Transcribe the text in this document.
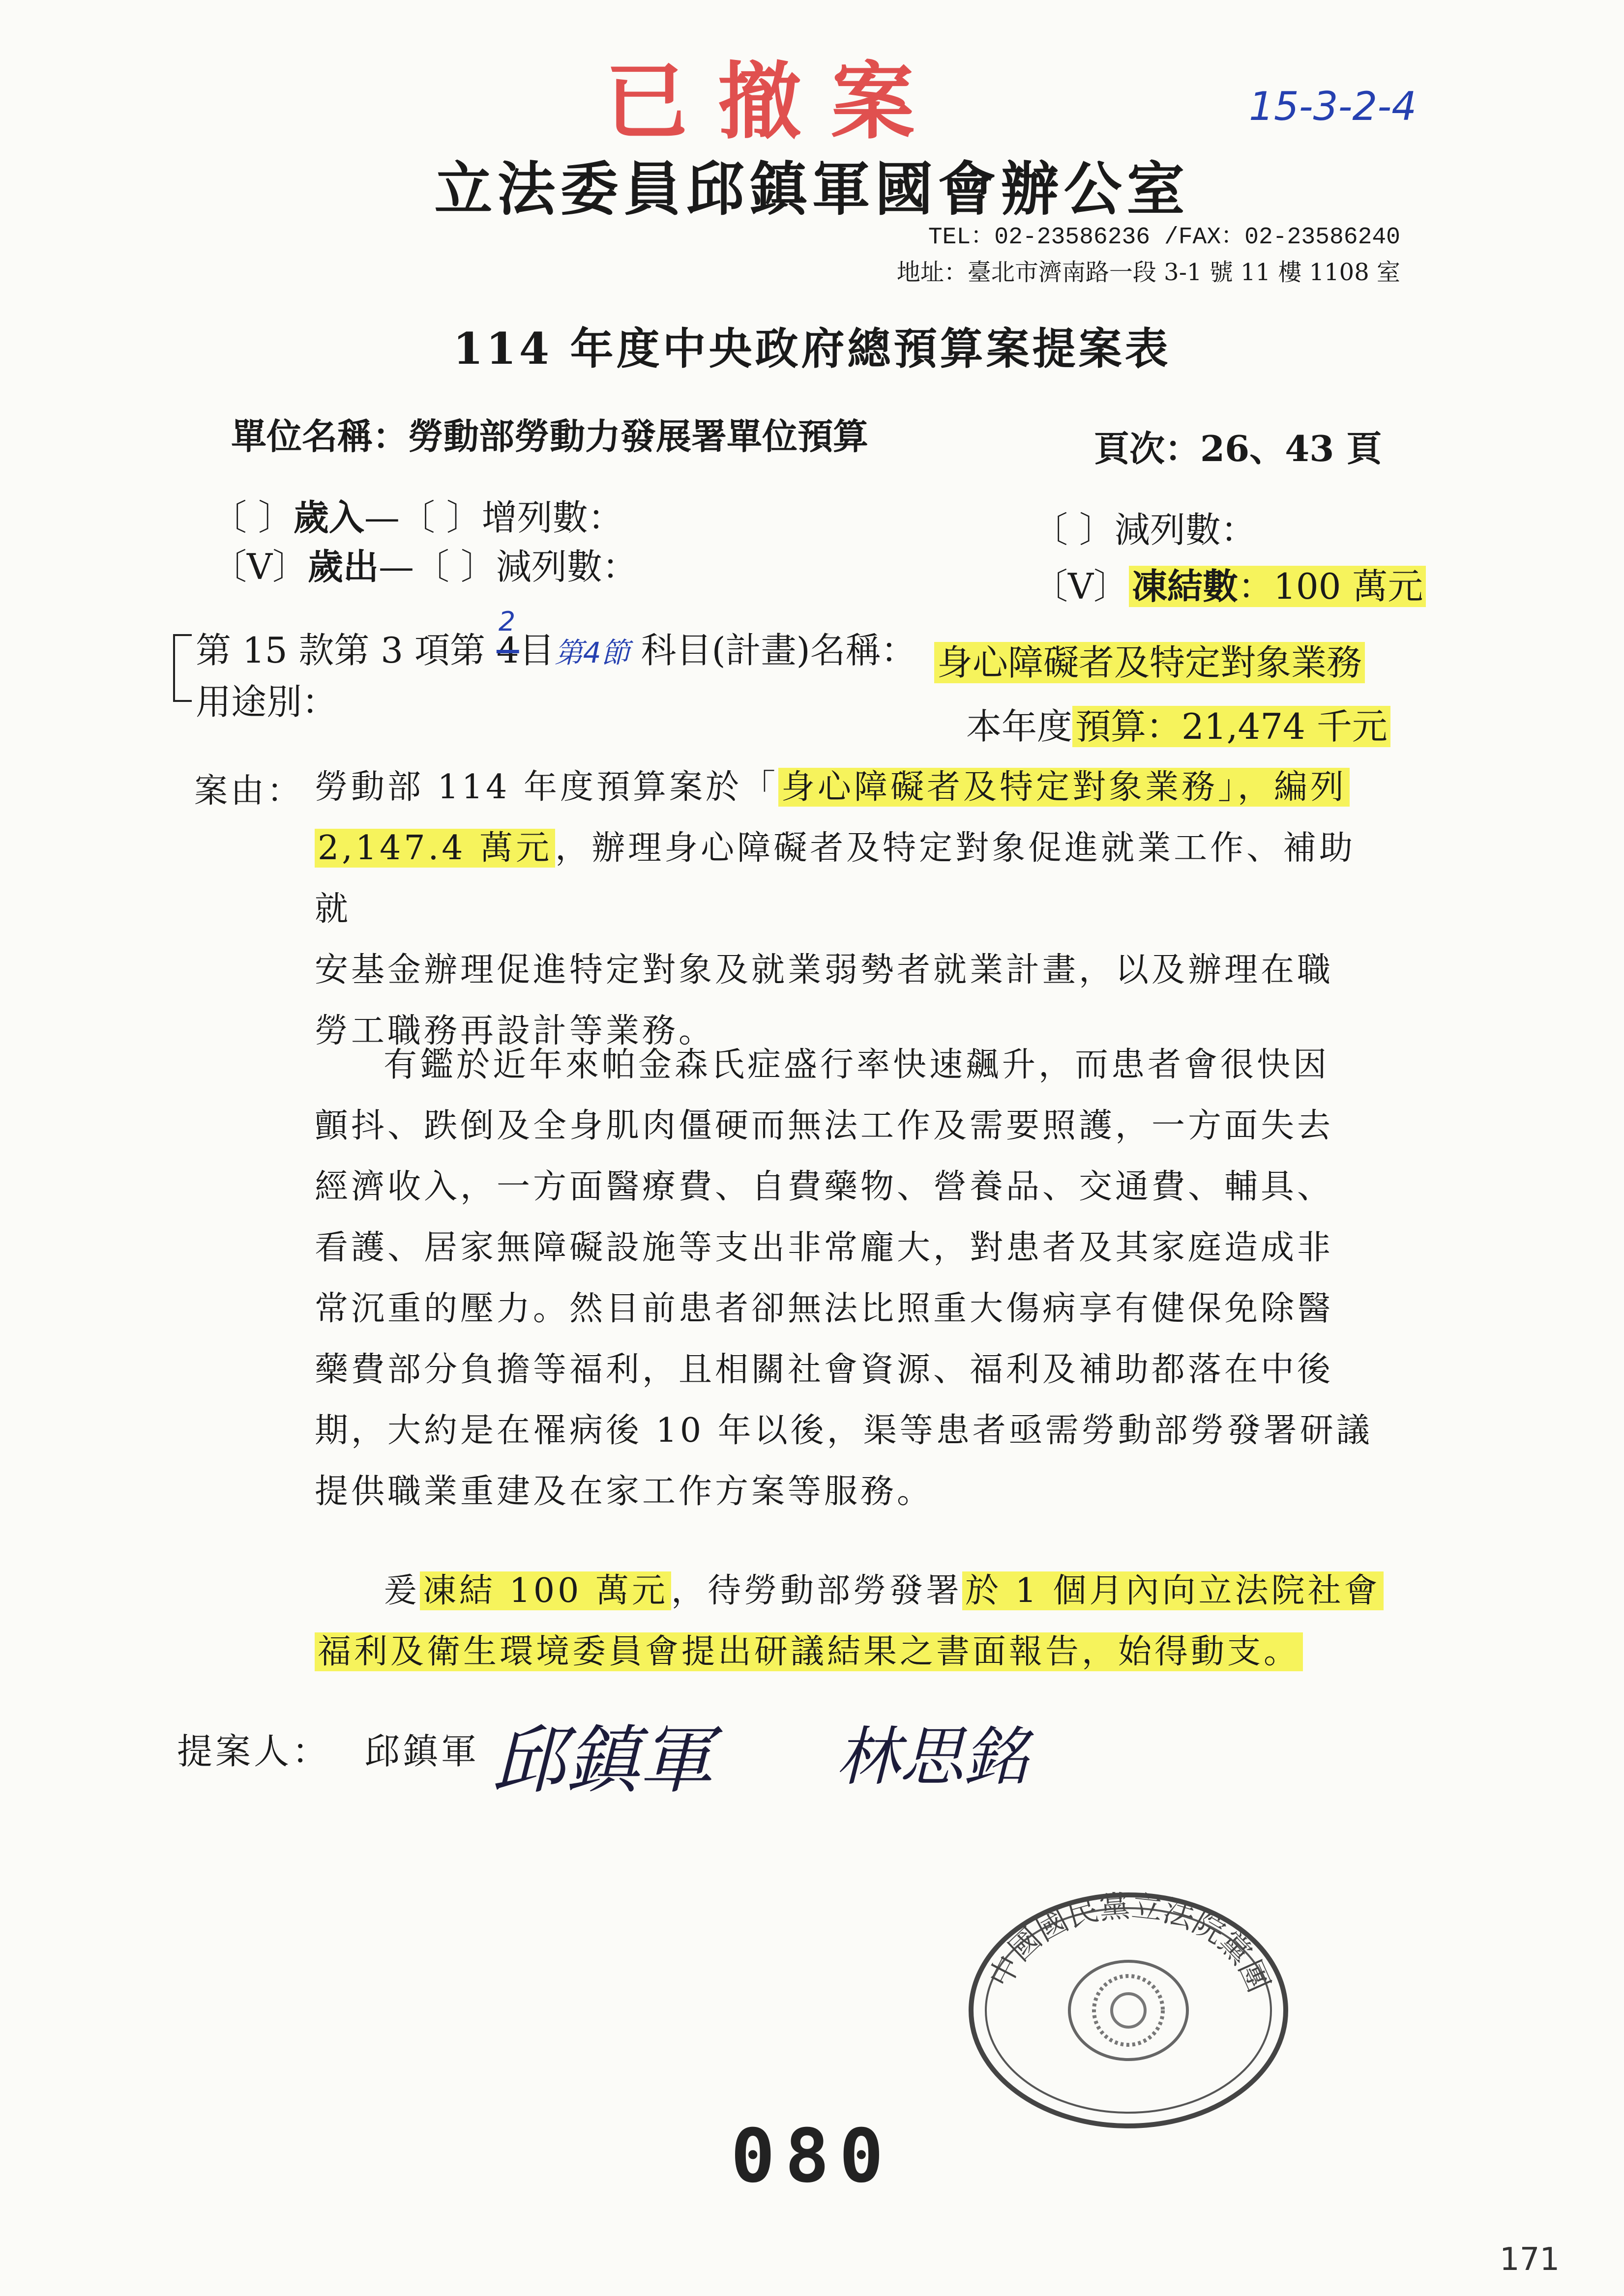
已撤案	15-3-2-4
立法委員邱鎮軍國會辦公室
TEL：02-23586236 /FAX：02-23586240
地址：臺北市濟南路一段 3-1 號 11 樓 1108 室
114 年度中央政府總預算案提案表
單位名稱：勞動部勞動力發展署單位預算	頁次：26、43 頁
〔 〕歲入—〔 〕增列數：
〔V〕歲出—〔 〕減列數：
〔 〕減列數：
〔V〕凍結數：100 萬元
第 15 款第 3 項第 4
2
目第4節 科目(計畫)名稱： 身心障礙者及特定對象業務
用途別：
本年度預算：21,474 千元
案由： 勞動部 114 年度預算案於「身心障礙者及特定對象業務」，編列
2,147.4 萬元，辦理身心障礙者及特定對象促進就業工作、補助就
安基金辦理促進特定對象及就業弱勢者就業計畫，以及辦理在職
勞工職務再設計等業務。
有鑑於近年來帕金森氏症盛行率快速飆升，而患者會很快因
顫抖、跌倒及全身肌肉僵硬而無法工作及需要照護，一方面失去
經濟收入，一方面醫療費、自費藥物、營養品、交通費、輔具、
看護、居家無障礙設施等支出非常龐大，對患者及其家庭造成非
常沉重的壓力。然目前患者卻無法比照重大傷病享有健保免除醫
藥費部分負擔等福利，且相關社會資源、福利及補助都落在中後
期，大約是在罹病後 10 年以後，渠等患者亟需勞動部勞發署研議
提供職業重建及在家工作方案等服務。
爰凍結 100 萬元，待勞動部勞發署於 1 個月內向立法院社會
福利及衛生環境委員會提出研議結果之書面報告，始得動支。
提案人： 邱鎮軍 邱鎮軍 林思銘
中國國民黨立法院黨團
080
171
